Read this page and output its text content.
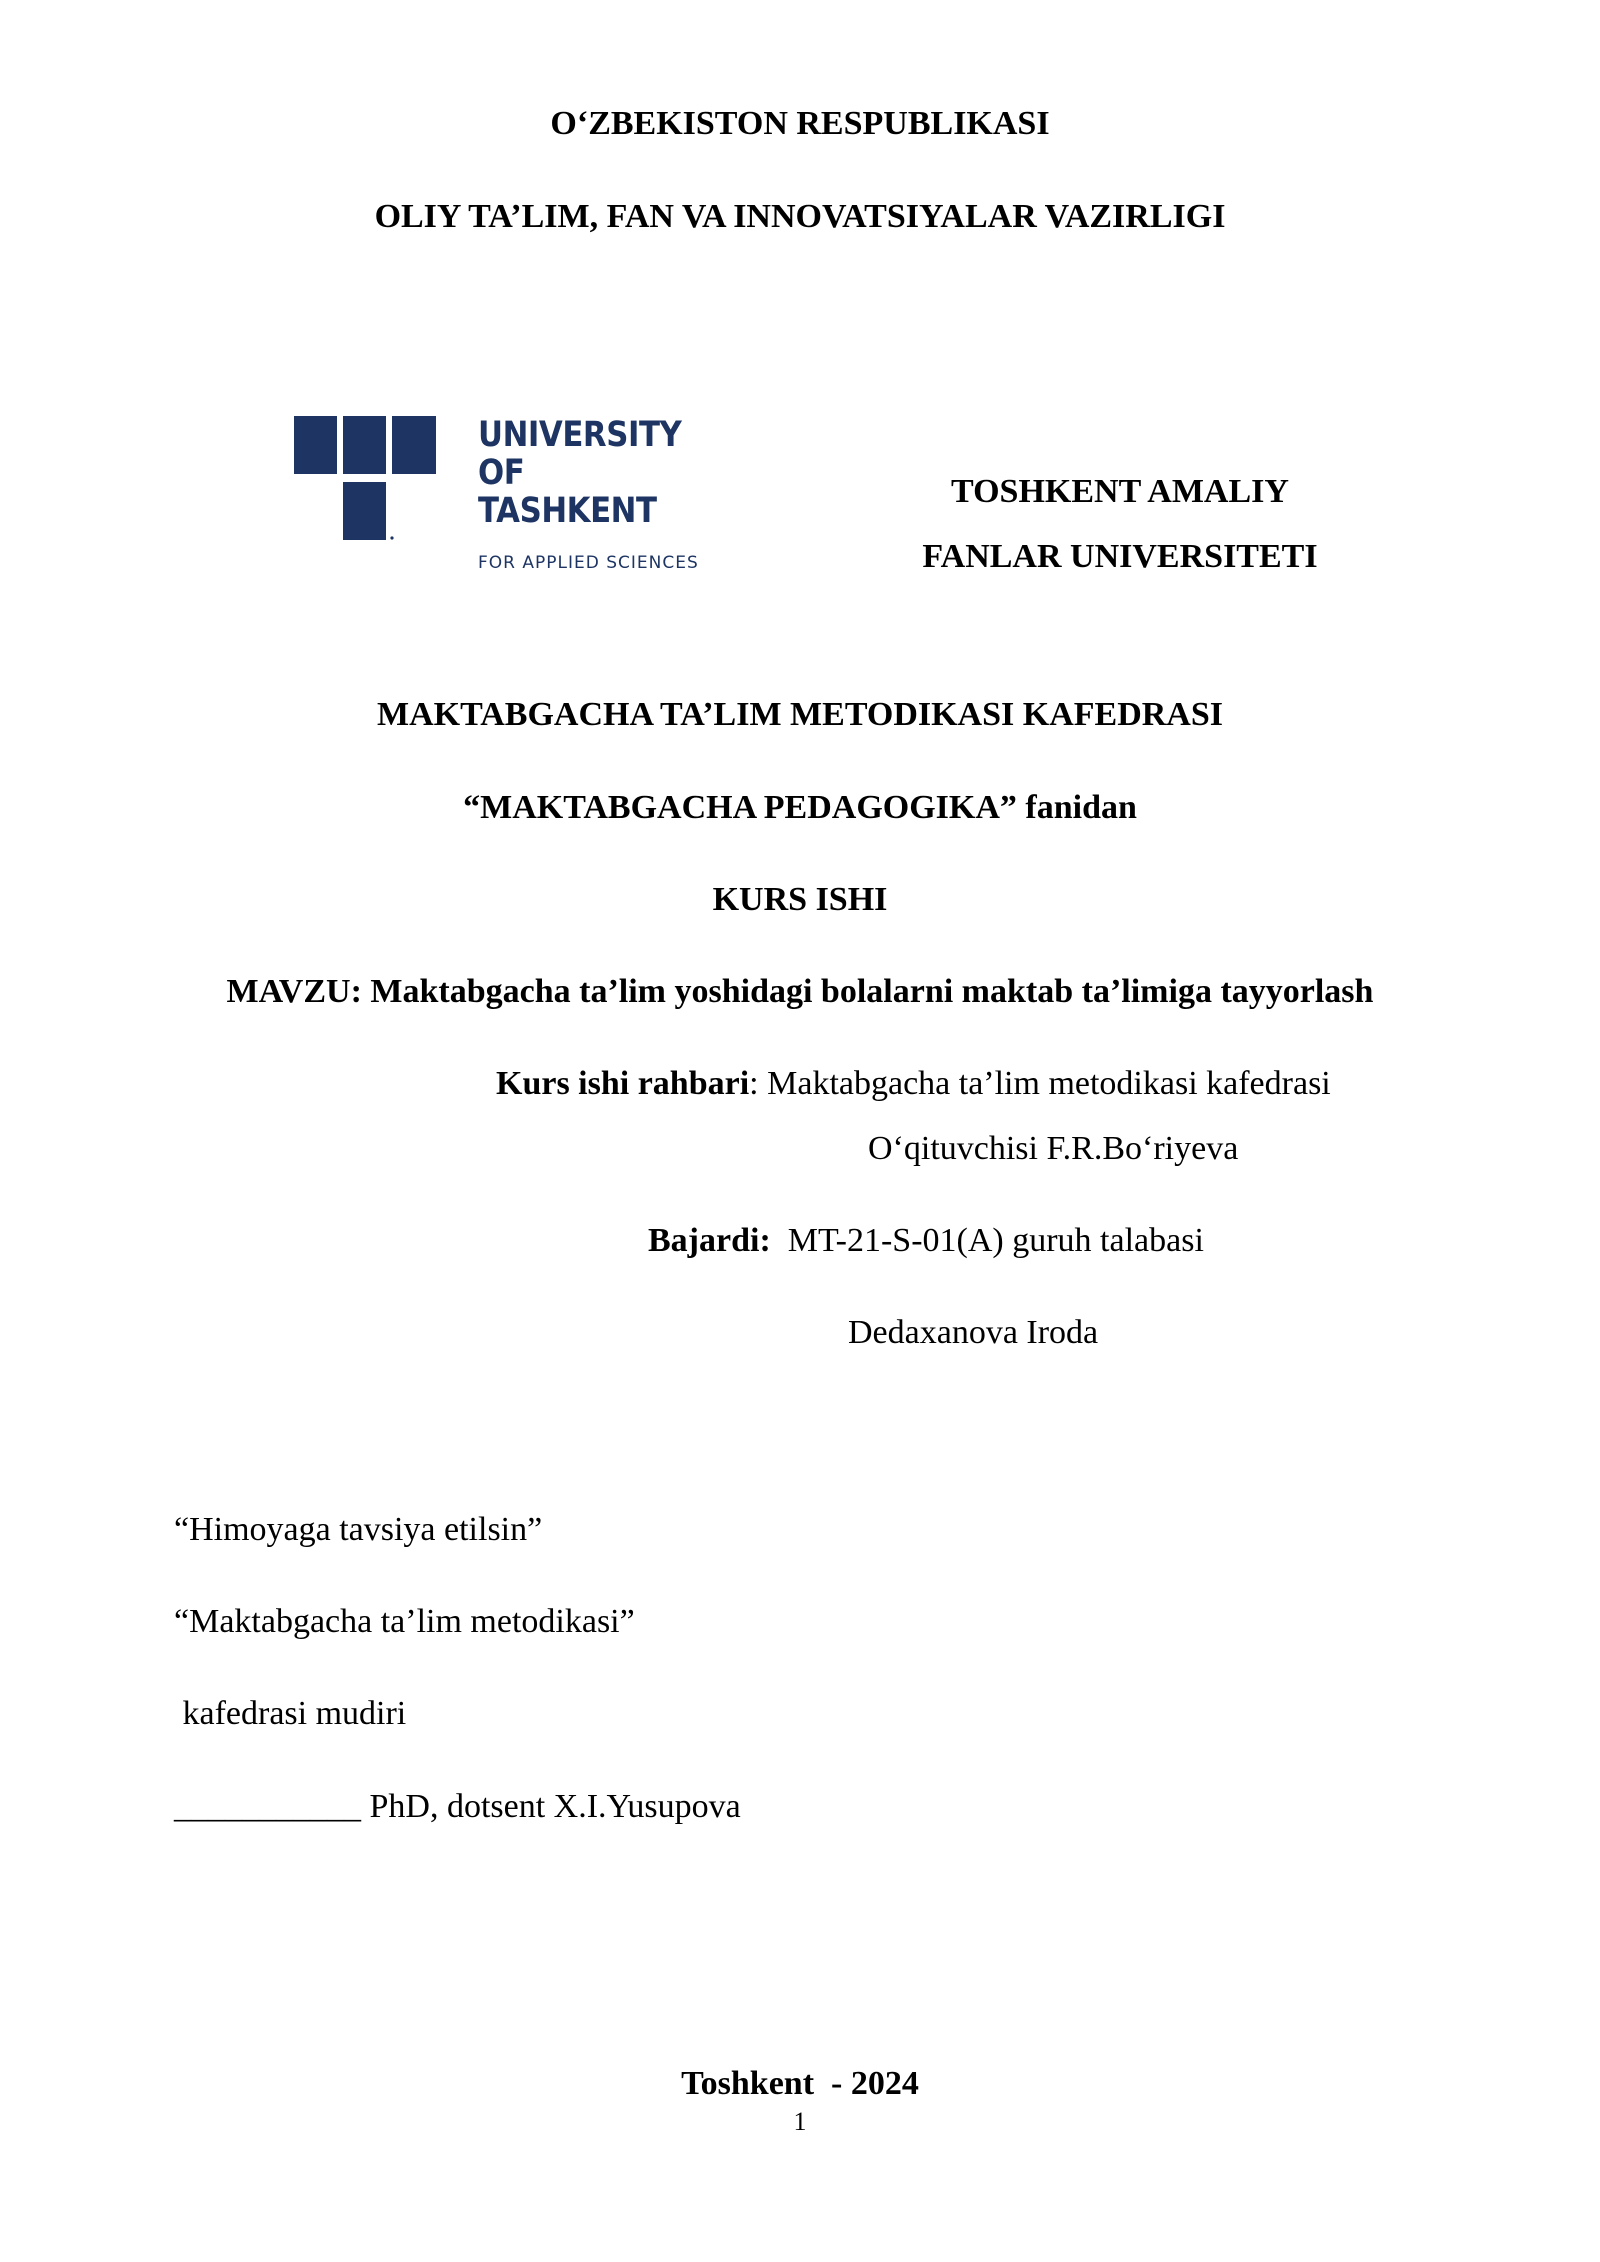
O‘ZBEKISTON RESPUBLIKASI
OLIY TA’LIM, FAN VA INNOVATSIYALAR VAZIRLIGI
UNIVERSITY
OF TASHKENT
FOR APPLIED SCIENCES
TOSHKENT AMALIY
FANLAR UNIVERSITETI
MAKTABGACHA TA’LIM METODIKASI KAFEDRASI
“MAKTABGACHA PEDAGOGIKA” fanidan
KURS ISHI
MAVZU: Maktabgacha ta’lim yoshidagi bolalarni maktab ta’limiga tayyorlash
Kurs ishi rahbari: Maktabgacha ta’lim metodikasi kafedrasi
O‘qituvchisi F.R.Bo‘riyeva
Bajardi:  MT-21-S-01(A) guruh talabasi
Dedaxanova Iroda
“Himoyaga tavsiya etilsin”
“Maktabgacha ta’lim metodikasi”
kafedrasi mudiri
___________ PhD, dotsent X.I.Yusupova
Toshkent  - 2024
1
